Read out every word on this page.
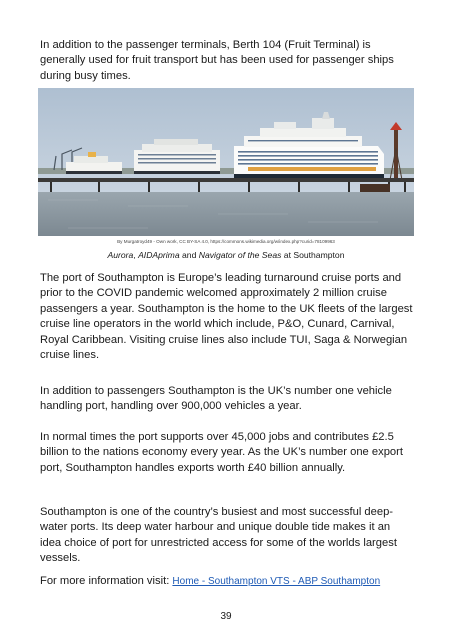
In addition to the passenger terminals, Berth 104 (Fruit Terminal) is generally used for fruit transport but has been used for passenger ships during busy times.

By Murgatroyd49 - Own work, CC BY-SA 4.0, https://commons.wikimedia.org/w/index.php?curid=78109963
Aurora, AIDAprima and Navigator of the Seas at Southampton

The port of Southampton is Europe’s leading turnaround cruise ports and prior to the COVID pandemic welcomed approximately 2 million cruise passengers a year. Southampton is the home to the UK fleets of the largest cruise line operators in the world which include, P&O, Cunard, Carnival, Royal Caribbean. Visiting cruise lines also include TUI, Saga & Norwegian cruise lines.

In addition to passengers Southampton is the UK’s number one vehicle handling port, handling over 900,000 vehicles a year.

In normal times the port supports over 45,000 jobs and contributes £2.5 billion to the nations economy every year. As the UK’s number one export port, Southampton handles exports worth £40 billion annually.

Southampton is one of the country’s busiest and most successful deep-water ports. Its deep water harbour and unique double tide makes it an idea choice of port for unrestricted access for some of the worlds largest vessels.

For more information visit: Home - Southampton VTS - ABP Southampton

39
